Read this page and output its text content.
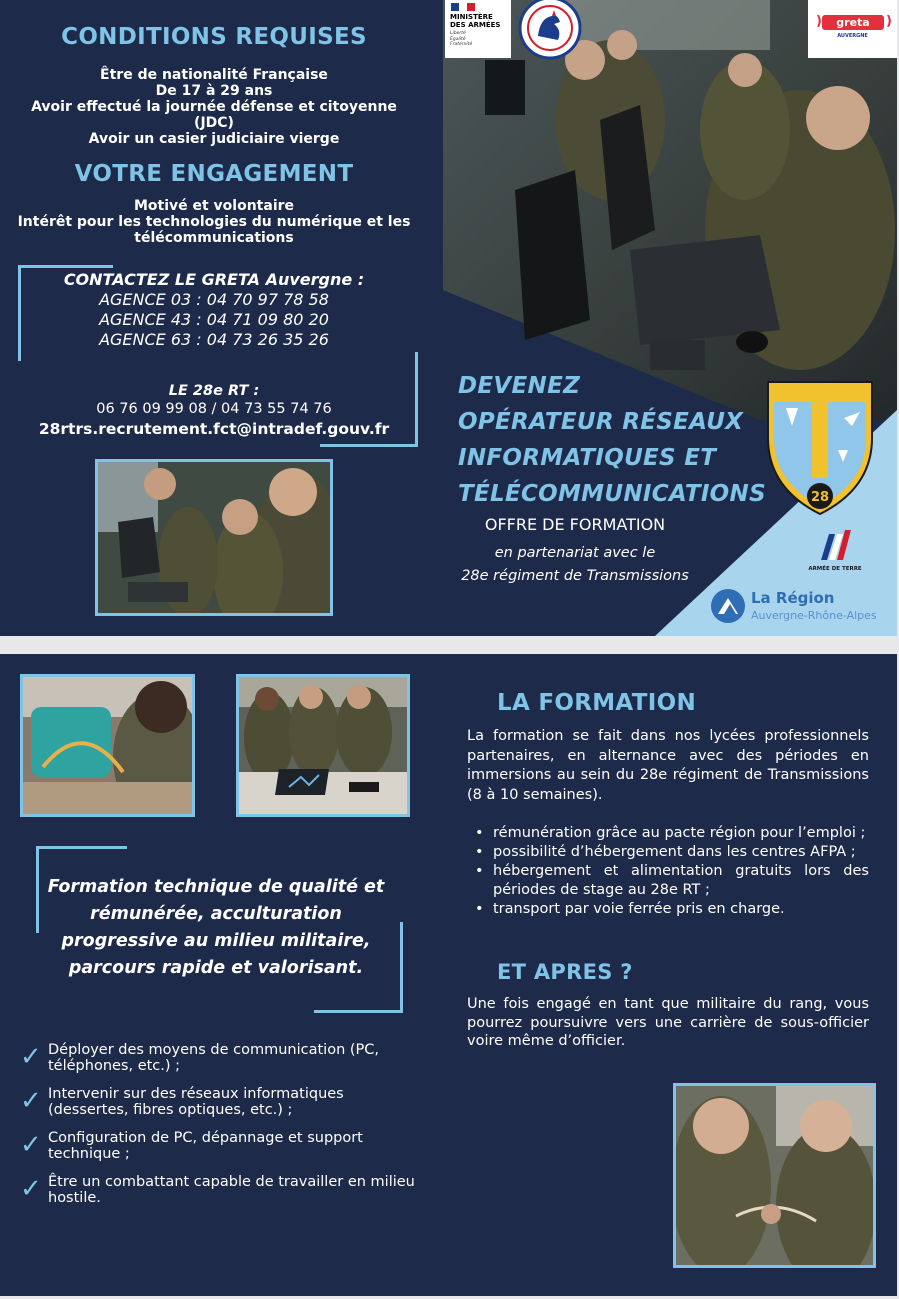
MINISTÈRE
DES ARMÉES
Liberté
Égalité
Fraternité
greta
)	)
AUVERGNE
CONDITIONS REQUISES
Être de nationalité Française
De 17 à 29 ans
Avoir effectué la journée défense et citoyenne (JDC)
Avoir un casier judiciaire vierge
VOTRE ENGAGEMENT
Motivé et volontaire
Intérêt pour les technologies du numérique et les
télécommunications
CONTACTEZ LE GRETA Auvergne :
AGENCE 03 : 04 70 97 78 58
AGENCE 43 : 04 71 09 80 20
AGENCE 63 : 04 73 26 35 26
LE 28e RT :
06 76 09 99 08 / 04 73 55 74 76
28rtrs.recrutement.fct@intradef.gouv.fr
DEVENEZ
OPÉRATEUR RÉSEAUX
INFORMATIQUES ET
TÉLÉCOMMUNICATIONS
OFFRE DE FORMATION
en partenariat avec le
28e régiment de Transmissions
28
ARMÉE DE TERRE
La Région
Auvergne-Rhône-Alpes
Formation technique de qualité et
rémunérée, acculturation
progressive au milieu militaire,
parcours rapide et valorisant.
✓ Déployer des moyens de communication (PC, téléphones, etc.) ;
✓ Intervenir sur des réseaux informatiques (dessertes, fibres optiques, etc.) ;
✓ Configuration de PC, dépannage et support technique ;
✓ Être un combattant capable de travailler en milieu hostile.
LA FORMATION
La formation se fait dans nos lycées professionnels partenaires, en alternance avec des périodes en immersions au sein du 28e régiment de Transmissions (8 à 10 semaines).
• rémunération grâce au pacte région pour l’emploi ;
• possibilité d’hébergement dans les centres AFPA ;
• hébergement et alimentation gratuits lors des périodes de stage au 28e RT ;
• transport par voie ferrée pris en charge.
ET APRES ?
Une fois engagé en tant que militaire du rang, vous pourrez poursuivre vers une carrière de sous-officier voire même d’officier.
